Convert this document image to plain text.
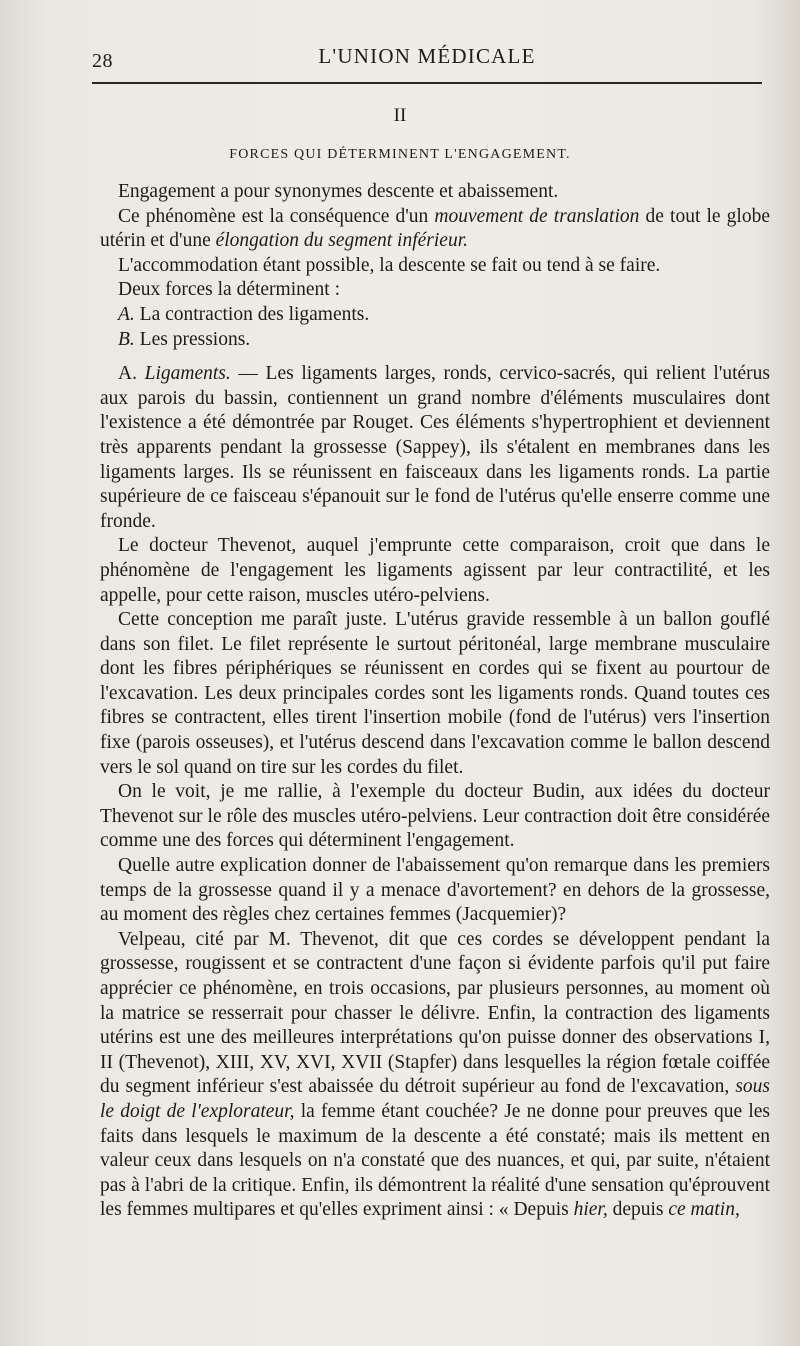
28	L'UNION MÉDICALE
II
FORCES QUI DÉTERMINENT L'ENGAGEMENT.

Engagement a pour synonymes descente et abaissement.

Ce phénomène est la conséquence d'un mouvement de translation de tout le globe utérin et d'une élongation du segment inférieur.

L'accommodation étant possible, la descente se fait ou tend à se faire.

Deux forces la déterminent :

A. La contraction des ligaments.

B. Les pressions.

A. Ligaments. — Les ligaments larges, ronds, cervico-sacrés, qui relient l'utérus aux parois du bassin, contiennent un grand nombre d'éléments musculaires dont l'existence a été démontrée par Rouget. Ces éléments s'hypertrophient et deviennent très apparents pendant la grossesse (Sappey), ils s'étalent en membranes dans les ligaments larges. Ils se réunissent en faisceaux dans les ligaments ronds. La partie supérieure de ce faisceau s'épanouit sur le fond de l'utérus qu'elle enserre comme une fronde.

Le docteur Thevenot, auquel j'emprunte cette comparaison, croit que dans le phénomène de l'engagement les ligaments agissent par leur contractilité, et les appelle, pour cette raison, muscles utéro-pelviens.

Cette conception me paraît juste. L'utérus gravide ressemble à un ballon gouflé dans son filet. Le filet représente le surtout péritonéal, large membrane musculaire dont les fibres périphériques se réunissent en cordes qui se fixent au pourtour de l'excavation. Les deux principales cordes sont les ligaments ronds. Quand toutes ces fibres se contractent, elles tirent l'insertion mobile (fond de l'utérus) vers l'insertion fixe (parois osseuses), et l'utérus descend dans l'excavation comme le ballon descend vers le sol quand on tire sur les cordes du filet.

On le voit, je me rallie, à l'exemple du docteur Budin, aux idées du docteur Thevenot sur le rôle des muscles utéro-pelviens. Leur contraction doit être considérée comme une des forces qui déterminent l'engagement.

Quelle autre explication donner de l'abaissement qu'on remarque dans les premiers temps de la grossesse quand il y a menace d'avortement? en dehors de la grossesse, au moment des règles chez certaines femmes (Jacquemier)?

Velpeau, cité par M. Thevenot, dit que ces cordes se développent pendant la grossesse, rougissent et se contractent d'une façon si évidente parfois qu'il put faire apprécier ce phénomène, en trois occasions, par plusieurs personnes, au moment où la matrice se resserrait pour chasser le délivre. Enfin, la contraction des ligaments utérins est une des meilleures interprétations qu'on puisse donner des observations I, II (Thevenot), XIII, XV, XVI, XVII (Stapfer) dans lesquelles la région fœtale coiffée du segment inférieur s'est abaissée du détroit supérieur au fond de l'excavation, sous le doigt de l'explorateur, la femme étant couchée? Je ne donne pour preuves que les faits dans lesquels le maximum de la descente a été constaté; mais ils mettent en valeur ceux dans lesquels on n'a constaté que des nuances, et qui, par suite, n'étaient pas à l'abri de la critique. Enfin, ils démontrent la réalité d'une sensation qu'éprouvent les femmes multipares et qu'elles expriment ainsi : « Depuis hier, depuis ce matin,
